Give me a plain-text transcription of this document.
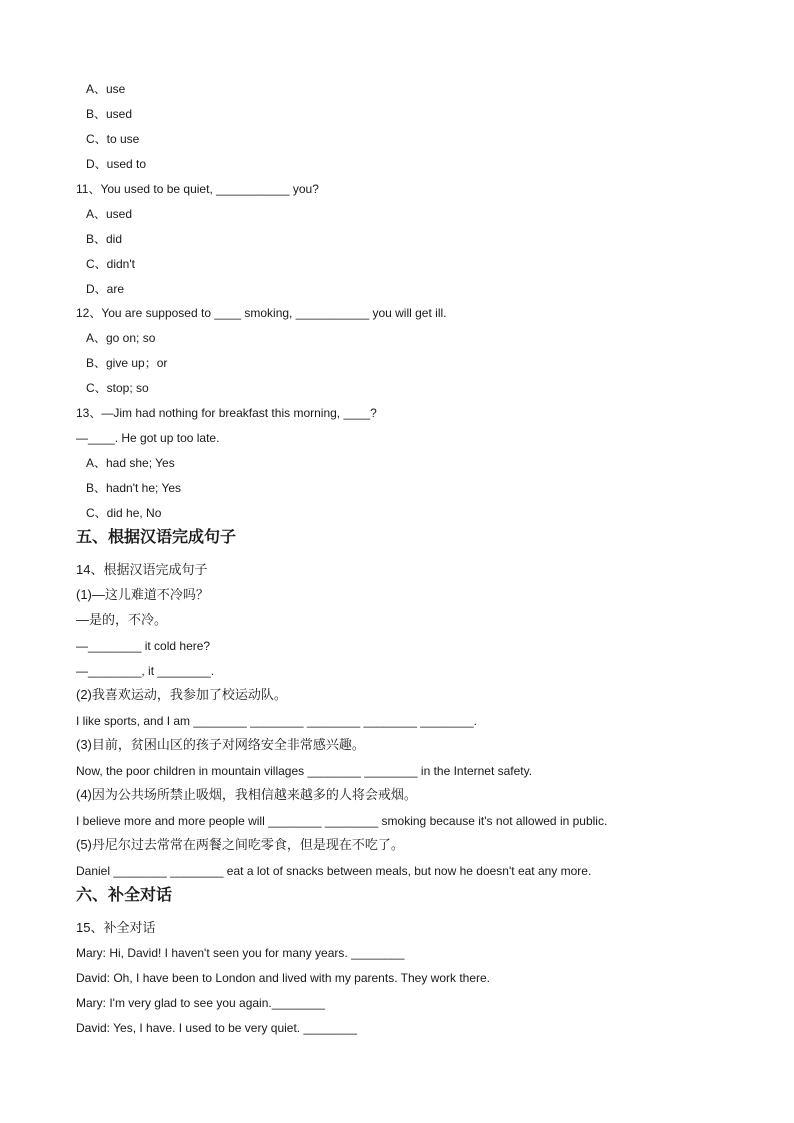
A、use
B、used
C、to use
D、used to
11、You used to be quiet, ___________ you?
A、used
B、did
C、didn't
D、are
12、You are supposed to ____ smoking, ___________ you will get ill.
A、go on; so
B、give up；or
C、stop; so
13、—Jim had nothing for breakfast this morning, ____?
—____. He got up too late.
A、had she; Yes
B、hadn't he; Yes
C、did he, No
五、根据汉语完成句子
14、根据汉语完成句子
(1)—这儿难道不冷吗？
—是的，不冷。
—________ it cold here?
—________, it ________.
(2)我喜欢运动，我参加了校运动队。
I like sports, and I am ________ ________ ________ ________ ________.
(3)目前，贫困山区的孩子对网络安全非常感兴趣。
Now, the poor children in mountain villages ________ ________ in the Internet safety.
(4)因为公共场所禁止吸烟，我相信越来越多的人将会戒烟。
I believe more and more people will ________ ________ smoking because it's not allowed in public.
(5)丹尼尔过去常常在两餐之间吃零食，但是现在不吃了。
Daniel ________ ________ eat a lot of snacks between meals, but now he doesn't eat any more.
六、补全对话
15、补全对话
Mary: Hi, David! I haven't seen you for many years. ________
David: Oh, I have been to London and lived with my parents. They work there.
Mary: I'm very glad to see you again.________
David: Yes, I have. I used to be very quiet. ________
